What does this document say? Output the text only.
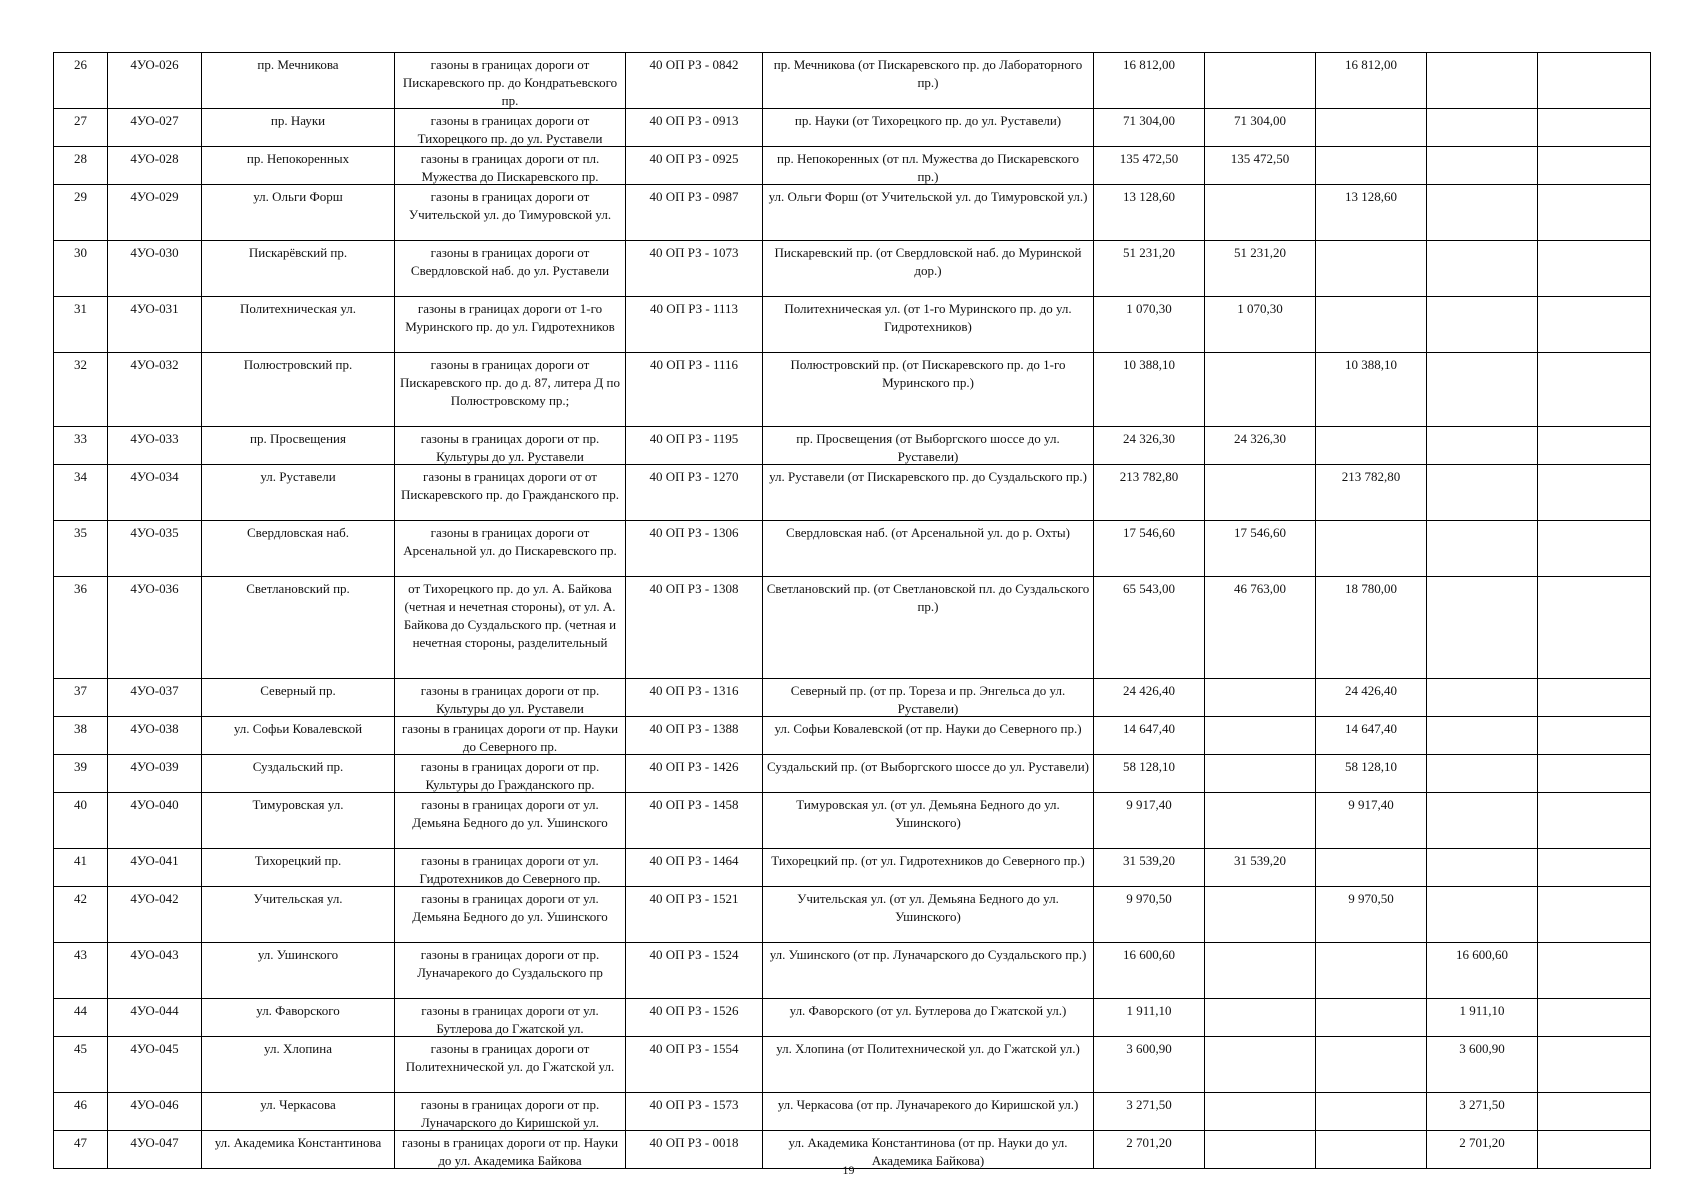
26	4УО-026	пр. Мечникова	газоны в границах дороги от Пискаревского пр. до Кондратьевского пр.	40 ОП РЗ - 0842	пр. Мечникова (от Пискаревского пр. до Лабораторного пр.)	16 812,00		16 812,00		

27	4УО-027	пр. Науки	газоны в границах дороги от Тихорецкого пр. до ул. Руставели	40 ОП РЗ - 0913	пр. Науки (от Тихорецкого пр. до ул. Руставели)	71 304,00	71 304,00			

28	4УО-028	пр. Непокоренных	газоны в границах дороги от пл. Мужества до Пискаревского пр.	40 ОП РЗ - 0925	пр. Непокоренных (от пл. Мужества до Пискаревского пр.)	135 472,50	135 472,50			

29	4УО-029	ул. Ольги Форш	газоны в границах дороги от Учительской ул. до Тимуровской ул.	40 ОП РЗ - 0987	ул. Ольги Форш (от Учительской ул. до Тимуровской ул.)	13 128,60		13 128,60		

30	4УО-030	Пискарёвский пр.	газоны в границах дороги от Свердловской наб. до ул. Руставели	40 ОП РЗ - 1073	Пискаревский пр. (от Свердловской наб. до Муринской дор.)	51 231,20	51 231,20			

31	4УО-031	Политехническая ул.	газоны в границах дороги от 1-го Муринского пр. до ул. Гидротехников	40 ОП РЗ - 1113	Политехническая ул. (от 1-го Муринского пр. до ул. Гидротехников)	1 070,30	1 070,30			

32	4УО-032	Полюстровский пр.	газоны в границах дороги от Пискаревского пр. до д. 87, литера Д по Полюстровскому пр.;	40 ОП РЗ - 1116	Полюстровский пр. (от Пискаревского пр. до 1-го Муринского пр.)	10 388,10		10 388,10		

33	4УО-033	пр. Просвещения	газоны в границах дороги от пр. Культуры до ул. Руставели	40 ОП РЗ - 1195	пр. Просвещения (от Выборгского шоссе до ул. Руставели)	24 326,30	24 326,30			

34	4УО-034	ул. Руставели	газоны в границах дороги от от Пискаревского пр. до Гражданского пр.	40 ОП РЗ - 1270	ул. Руставели (от Пискаревского пр. до Суздальского пр.)	213 782,80		213 782,80		

35	4УО-035	Свердловская наб.	газоны в границах дороги от Арсенальной ул. до Пискаревского пр.	40 ОП РЗ - 1306	Свердловская наб. (от Арсенальной ул. до р. Охты)	17 546,60	17 546,60			

36	4УО-036	Светлановский пр.	от Тихорецкого пр. до ул. А. Байкова (четная и нечетная стороны), от ул. А. Байкова до Суздальского пр. (четная и нечетная стороны, разделительный	40 ОП РЗ - 1308	Светлановский пр. (от Светлановской пл. до Суздальского пр.)	65 543,00	46 763,00	18 780,00		

37	4УО-037	Северный пр.	газоны в границах дороги от пр. Культуры до ул. Руставели	40 ОП РЗ - 1316	Северный пр. (от пр. Тореза и пр. Энгельса до ул. Руставели)	24 426,40		24 426,40		

38	4УО-038	ул. Софьи Ковалевской	газоны в границах дороги от пр. Науки до Северного пр.	40 ОП РЗ - 1388	ул. Софьи Ковалевской (от пр. Науки до Северного пр.)	14 647,40		14 647,40		

39	4УО-039	Суздальский пр.	газоны в границах дороги от пр. Культуры до Гражданского пр.	40 ОП РЗ - 1426	Суздальский пр. (от Выборгского шоссе до ул. Руставели)	58 128,10		58 128,10		

40	4УО-040	Тимуровская ул.	газоны в границах дороги от ул. Демьяна Бедного до ул. Ушинского	40 ОП РЗ - 1458	Тимуровская ул. (от ул. Демьяна Бедного до ул. Ушинского)	9 917,40		9 917,40		

41	4УО-041	Тихорецкий пр.	газоны в границах дороги от ул. Гидротехников до Северного пр.	40 ОП РЗ - 1464	Тихорецкий пр. (от ул. Гидротехников до Северного пр.)	31 539,20	31 539,20			

42	4УО-042	Учительская ул.	газоны в границах дороги от ул. Демьяна Бедного до ул. Ушинского	40 ОП РЗ - 1521	Учительская ул. (от ул. Демьяна Бедного до ул. Ушинского)	9 970,50		9 970,50		

43	4УО-043	ул. Ушинского	газоны в границах дороги от пр. Луначарекого до Суздальского пр	40 ОП РЗ - 1524	ул. Ушинского (от пр. Луначарского до Суздальского пр.)	16 600,60			16 600,60	

44	4УО-044	ул. Фаворского	газоны в границах дороги от ул. Бутлерова до Гжатской ул.	40 ОП РЗ - 1526	ул. Фаворского (от ул. Бутлерова до Гжатской ул.)	1 911,10			1 911,10	

45	4УО-045	ул. Хлопина	газоны в границах дороги от Политехнической ул. до Гжатской ул.	40 ОП РЗ - 1554	ул. Хлопина (от Политехнической ул. до Гжатской ул.)	3 600,90			3 600,90	

46	4УО-046	ул. Черкасова	газоны в границах дороги от пр. Луначарского до Киришской ул.	40 ОП РЗ - 1573	ул. Черкасова (от пр. Луначарекого до Киришской ул.)	3 271,50			3 271,50	

47	4УО-047	ул. Академика Константинова	газоны в границах дороги от пр. Науки до ул. Академика Байкова	40 ОП РЗ - 0018	ул. Академика Константинова (от пр. Науки до ул. Академика Байкова)	2 701,20			2 701,20	

19
